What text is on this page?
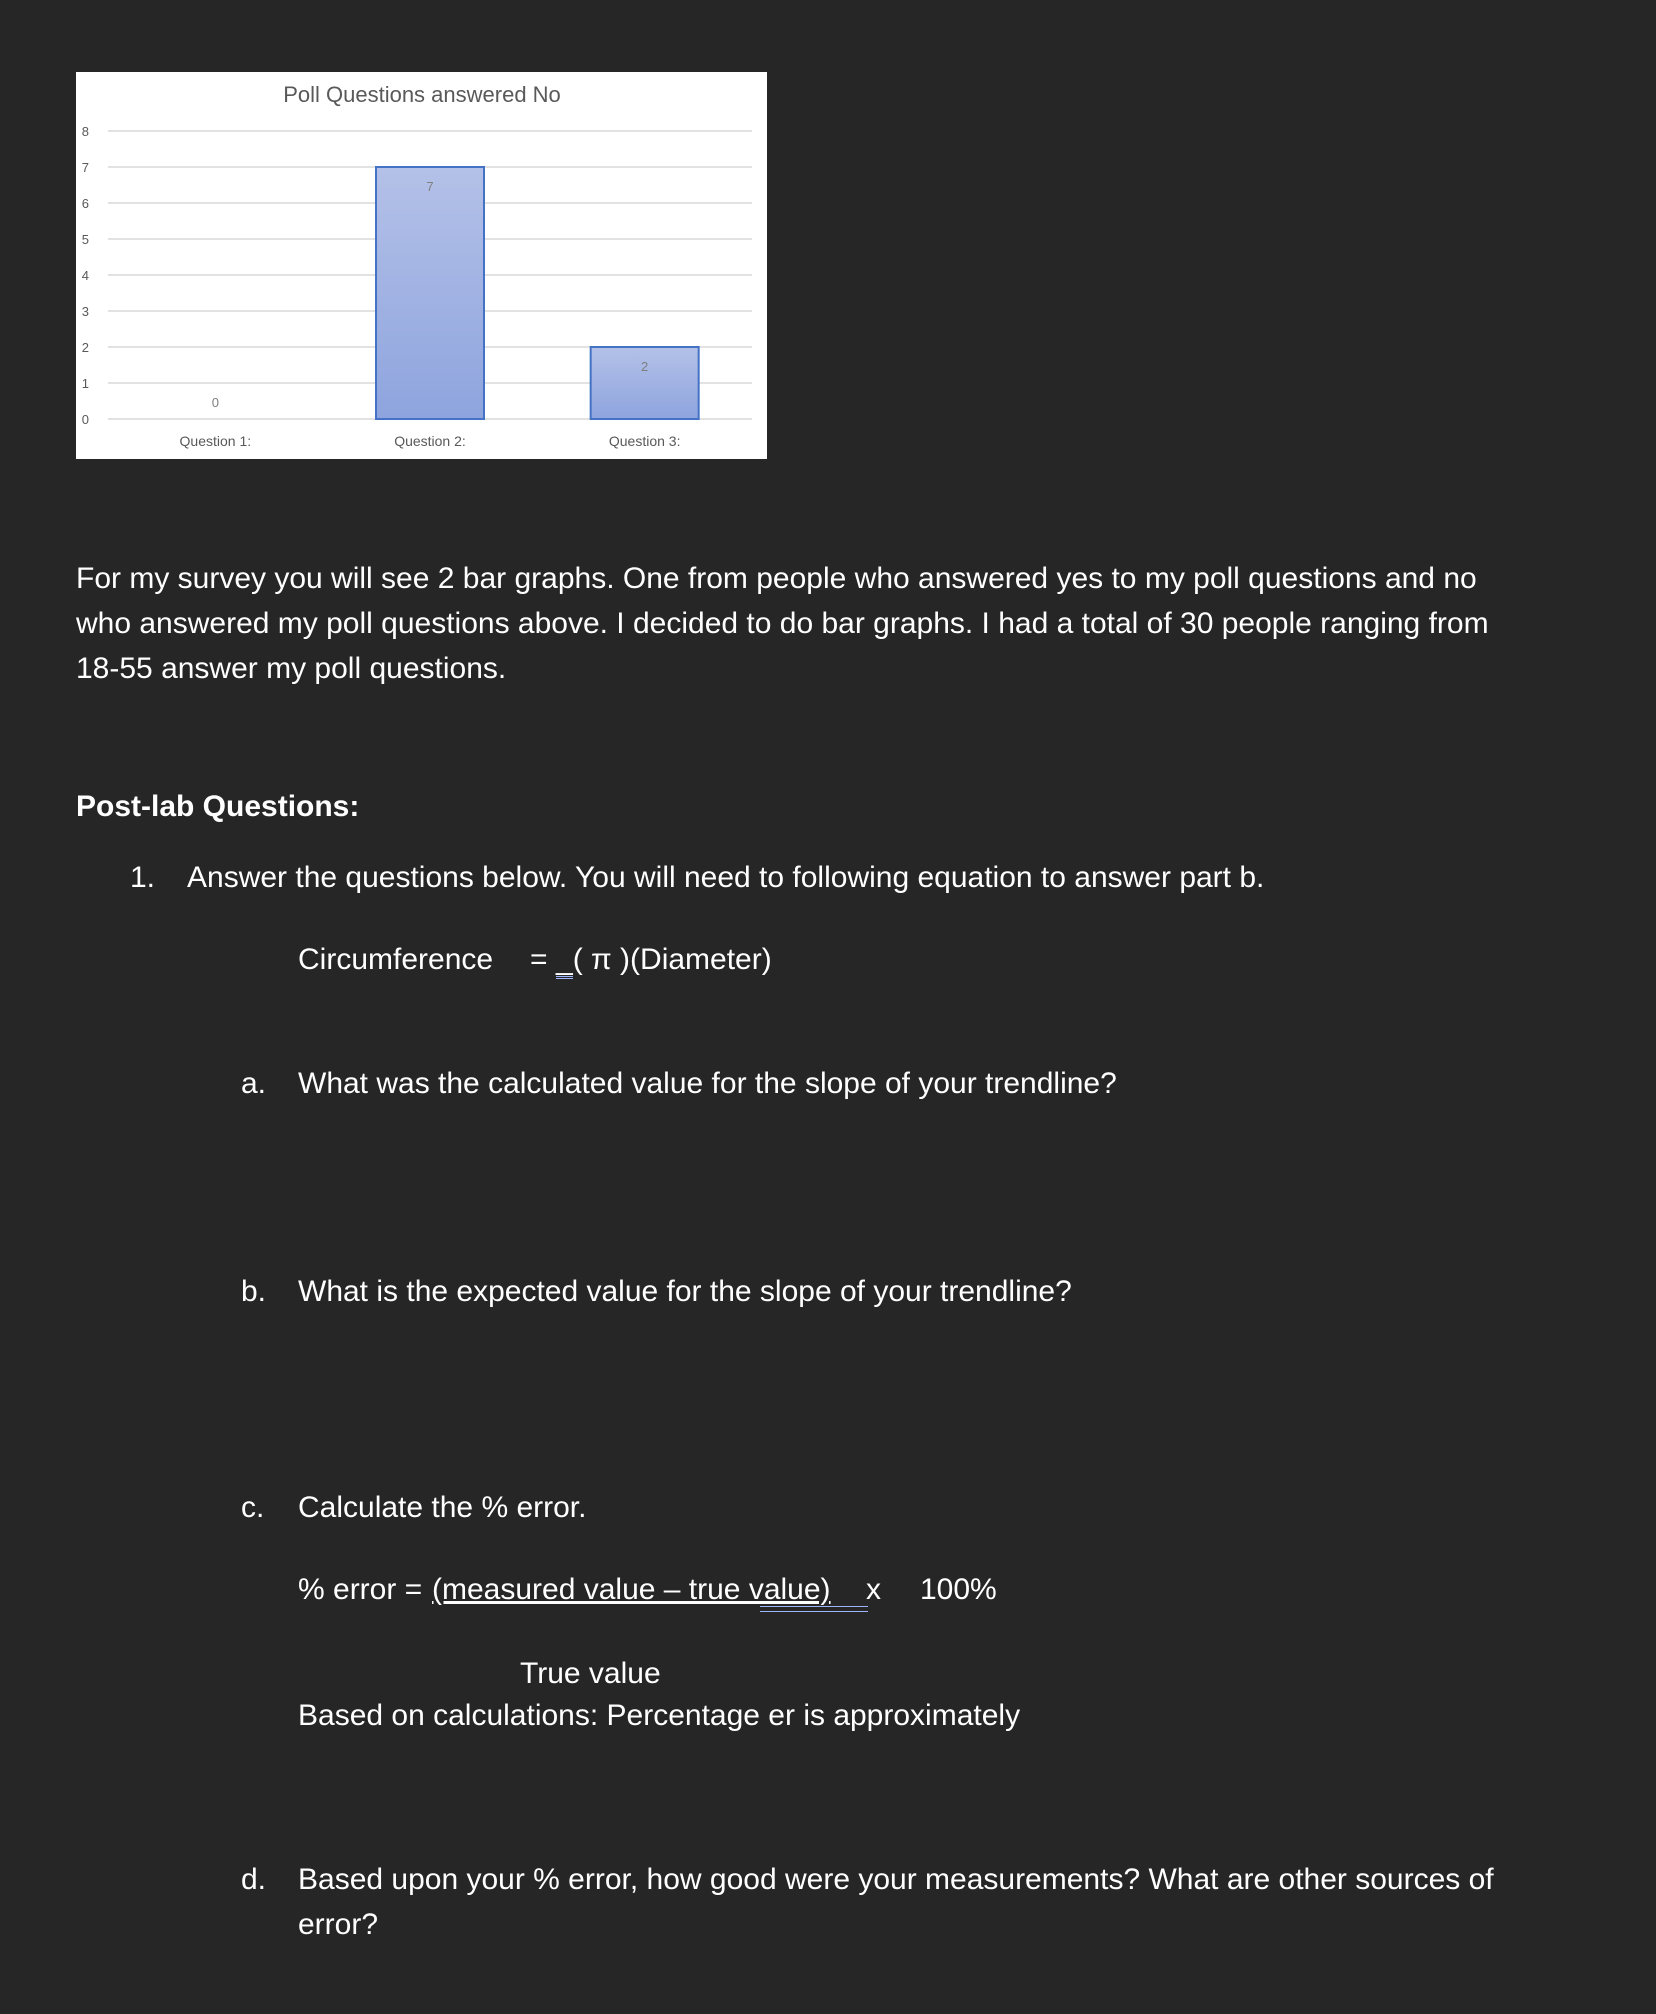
Poll Questions answered No
0
1
2
3
4
5
6
7
8
0
Question 1:
7
Question 2:
2
Question 3:
For my survey you will see 2 bar graphs. One from people who answered yes to my poll questions and no who answered my poll questions above. I decided to do bar graphs. I had a total of 30 people ranging from 18-55 answer my poll questions.
Post-lab Questions:
1. Answer the questions below. You will need to following equation to answer part b.
Circumference = _( π )(Diameter)
a. What was the calculated value for the slope of your trendline?
b. What is the expected value for the slope of your trendline?
c. Calculate the % error.
% error = (measured value – true value) x 100%
True value
Based on calculations: Percentage er is approximately
d. Based upon your % error, how good were your measurements? What are other sources of error?
